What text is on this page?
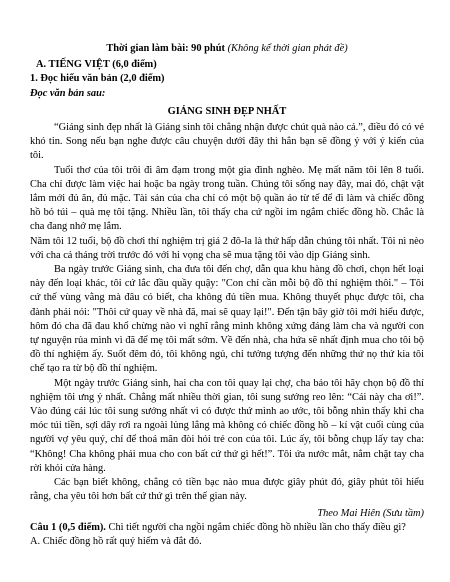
Thời gian làm bài: 90 phút (Không kể thời gian phát đề)
A. TIẾNG VIỆT (6,0 điểm)
1. Đọc hiểu văn bản (2,0 điểm)
Đọc văn bản sau:
GIÁNG SINH ĐẸP NHẤT

“Giáng sinh đẹp nhất là Giáng sinh tôi chẳng nhận được chút quà nào cả.”, điều đó có vẻ khó tin. Song nếu bạn nghe được câu chuyện dưới đây thì hẳn bạn sẽ đồng ý với ý kiến của tôi.

Tuổi thơ của tôi trôi đi âm đạm trong một gia đình nghèo. Mẹ mất năm tôi lên 8 tuổi. Cha chỉ được làm việc hai hoặc ba ngày trong tuần. Chúng tôi sống nay đây, mai đó, chật vật lắm mới đủ ăn, đủ mặc. Tài sản của cha chỉ có một bộ quần áo từ tế để đi làm và chiếc đồng hồ bỏ túi – quà mẹ tôi tặng. Nhiều lần, tôi thấy cha cứ ngồi im ngắm chiếc đồng hồ. Chắc là cha đang nhớ mẹ lắm.

Năm tôi 12 tuổi, bộ đồ chơi thí nghiệm trị giá 2 đô-la là thứ hấp dẫn chúng tôi nhất. Tôi nì nèo với cha cả tháng trời trước đó với hi vọng cha sẽ mua tặng tôi vào dịp Giáng sinh.

Ba ngày trước Giáng sinh, cha đưa tôi đến chợ, dẫn qua khu hàng đồ chơi, chọn hết loại này đến loại khác, tôi cứ lắc đầu quầy quậy: "Con chỉ cần mỗi bộ đồ thí nghiệm thôi." – Tôi cứ thế vùng vằng mà đâu có biết, cha không đủ tiền mua. Không thuyết phục được tôi, cha đành phải nói: "Thôi cứ quay về nhà đã, mai sẽ quay lại!". Đến tận bây giờ tôi mới hiểu được, hôm đó cha đã đau khổ chừng nào vì nghĩ rằng mình không xứng đáng làm cha và người con tự nguyện rủa mình vì đã để mẹ tôi mất sớm. Về đến nhà, cha hứa sẽ nhất định mua cho tôi bộ đồ thí nghiệm ấy. Suốt đêm đó, tôi không ngủ, chỉ tưởng tượng đến những thứ nọ thứ kia tôi chế tạo ra từ bộ đồ thí nghiệm.

Một ngày trước Giáng sinh, hai cha con tôi quay lại chợ, cha bảo tôi hãy chọn bộ đồ thí nghiệm tôi ưng ý nhất. Chẳng mất nhiều thời gian, tôi sung sướng reo lên: “Cái này cha ơi!”. Vào đúng cái lúc tôi sung sướng nhất vì có được thứ mình ao ước, tôi bỗng nhìn thấy khi cha móc túi tiền, sợi dây rơi ra ngoài lủng lẳng mà không có chiếc đồng hồ – kí vật cuối cùng của người vợ yêu quý, chỉ để thoả mãn đòi hỏi trẻ con của tôi. Lúc ấy, tôi bỗng chụp lấy tay cha: “Không! Cha không phải mua cho con bất cứ thứ gì hết!”. Tôi ứa nước mắt, nắm chặt tay cha rời khỏi cửa hàng.

Các bạn biết không, chẳng có tiền bạc nào mua được giây phút đó, giây phút tôi hiểu rằng, cha yêu tôi hơn bất cứ thứ gì trên thế gian này.

Theo Mai Hiên (Sưu tầm)
Câu 1 (0,5 điểm). Chi tiết người cha ngồi ngắm chiếc đồng hồ nhiều lần cho thấy điều gì?
A. Chiếc đồng hồ rất quý hiếm và đắt đỏ.
